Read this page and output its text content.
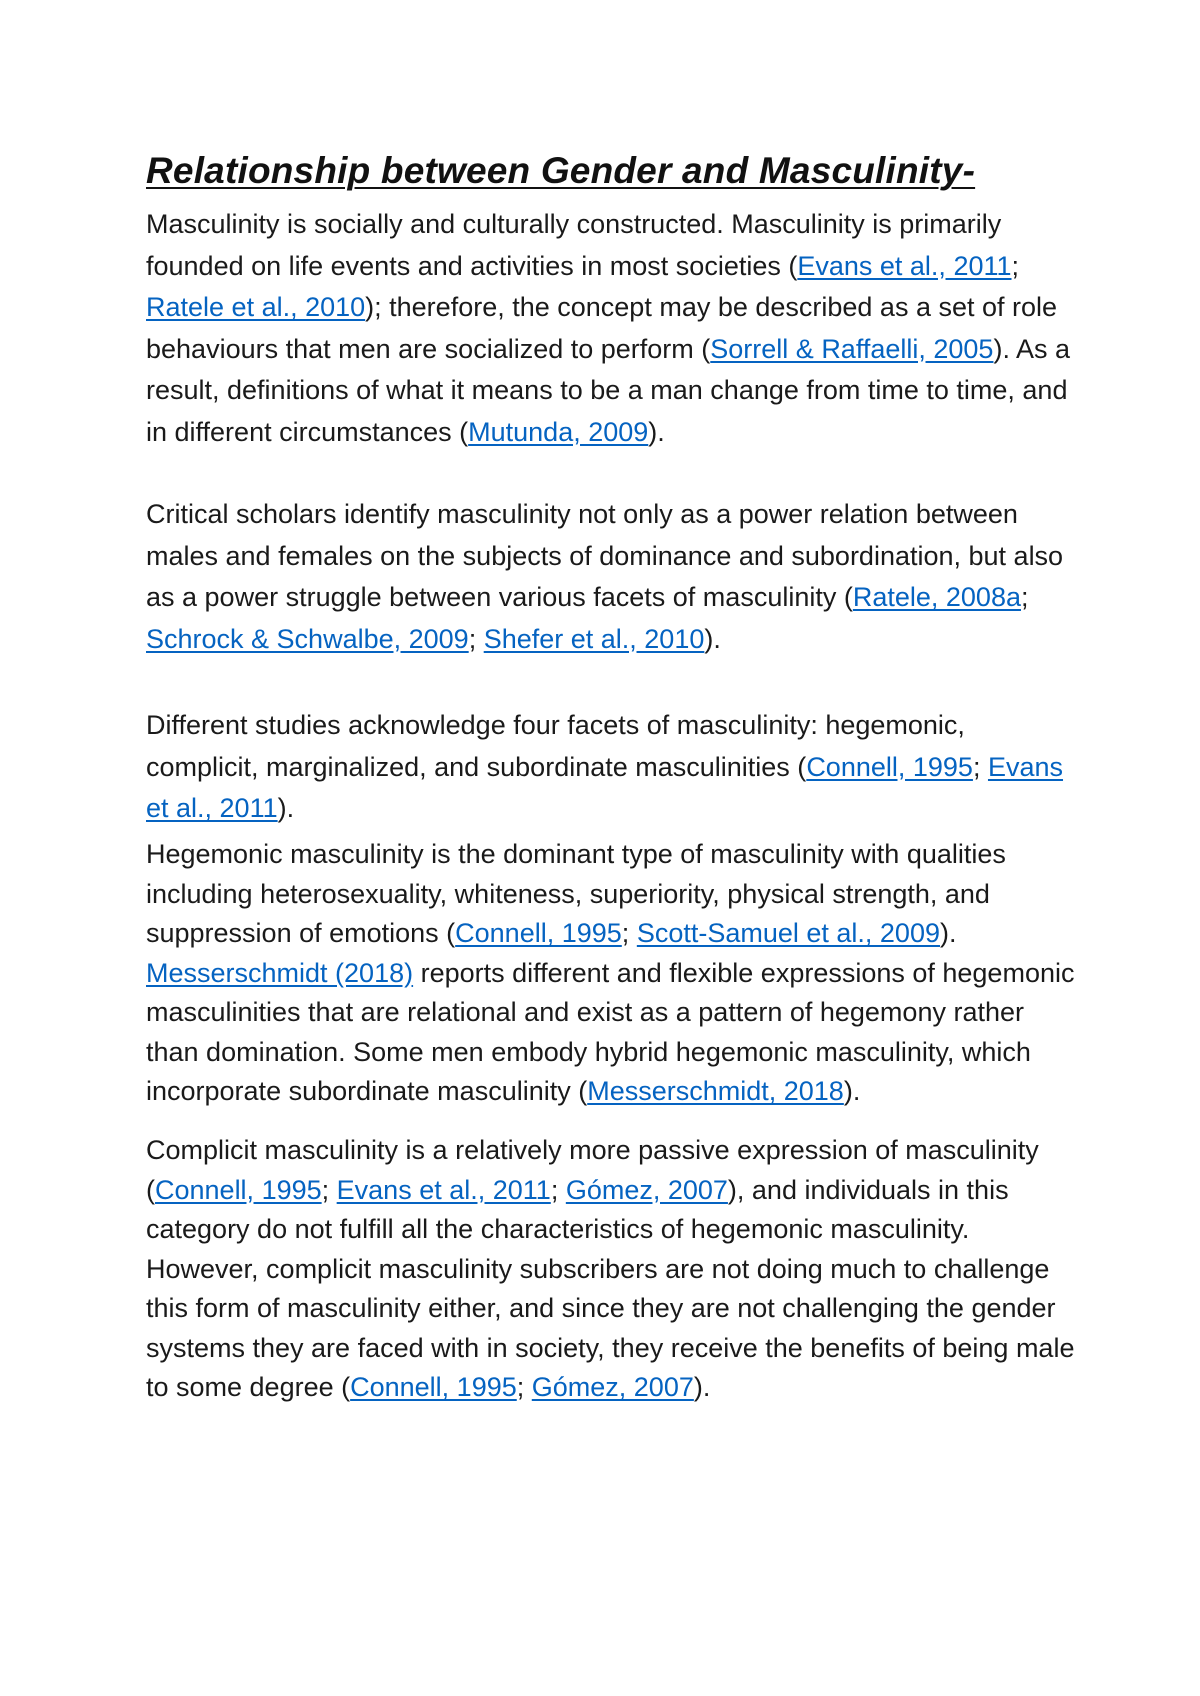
Relationship between Gender and Masculinity-

Masculinity is socially and culturally constructed. Masculinity is primarily founded on life events and activities in most societies (Evans et al., 2011; Ratele et al., 2010); therefore, the concept may be described as a set of role behaviours that men are socialized to perform (Sorrell & Raffaelli, 2005). As a result, definitions of what it means to be a man change from time to time, and in different circumstances (Mutunda, 2009).

Critical scholars identify masculinity not only as a power relation between males and females on the subjects of dominance and subordination, but also as a power struggle between various facets of masculinity (Ratele, 2008a; Schrock & Schwalbe, 2009; Shefer et al., 2010).

Different studies acknowledge four facets of masculinity: hegemonic, complicit, marginalized, and subordinate masculinities (Connell, 1995; Evans et al., 2011).

Hegemonic masculinity is the dominant type of masculinity with qualities including heterosexuality, whiteness, superiority, physical strength, and suppression of emotions (Connell, 1995; Scott-Samuel et al., 2009). Messerschmidt (2018) reports different and flexible expressions of hegemonic masculinities that are relational and exist as a pattern of hegemony rather than domination. Some men embody hybrid hegemonic masculinity, which incorporate subordinate masculinity (Messerschmidt, 2018).

Complicit masculinity is a relatively more passive expression of masculinity (Connell, 1995; Evans et al., 2011; Gómez, 2007), and individuals in this category do not fulfill all the characteristics of hegemonic masculinity. However, complicit masculinity subscribers are not doing much to challenge this form of masculinity either, and since they are not challenging the gender systems they are faced with in society, they receive the benefits of being male to some degree (Connell, 1995; Gómez, 2007).
